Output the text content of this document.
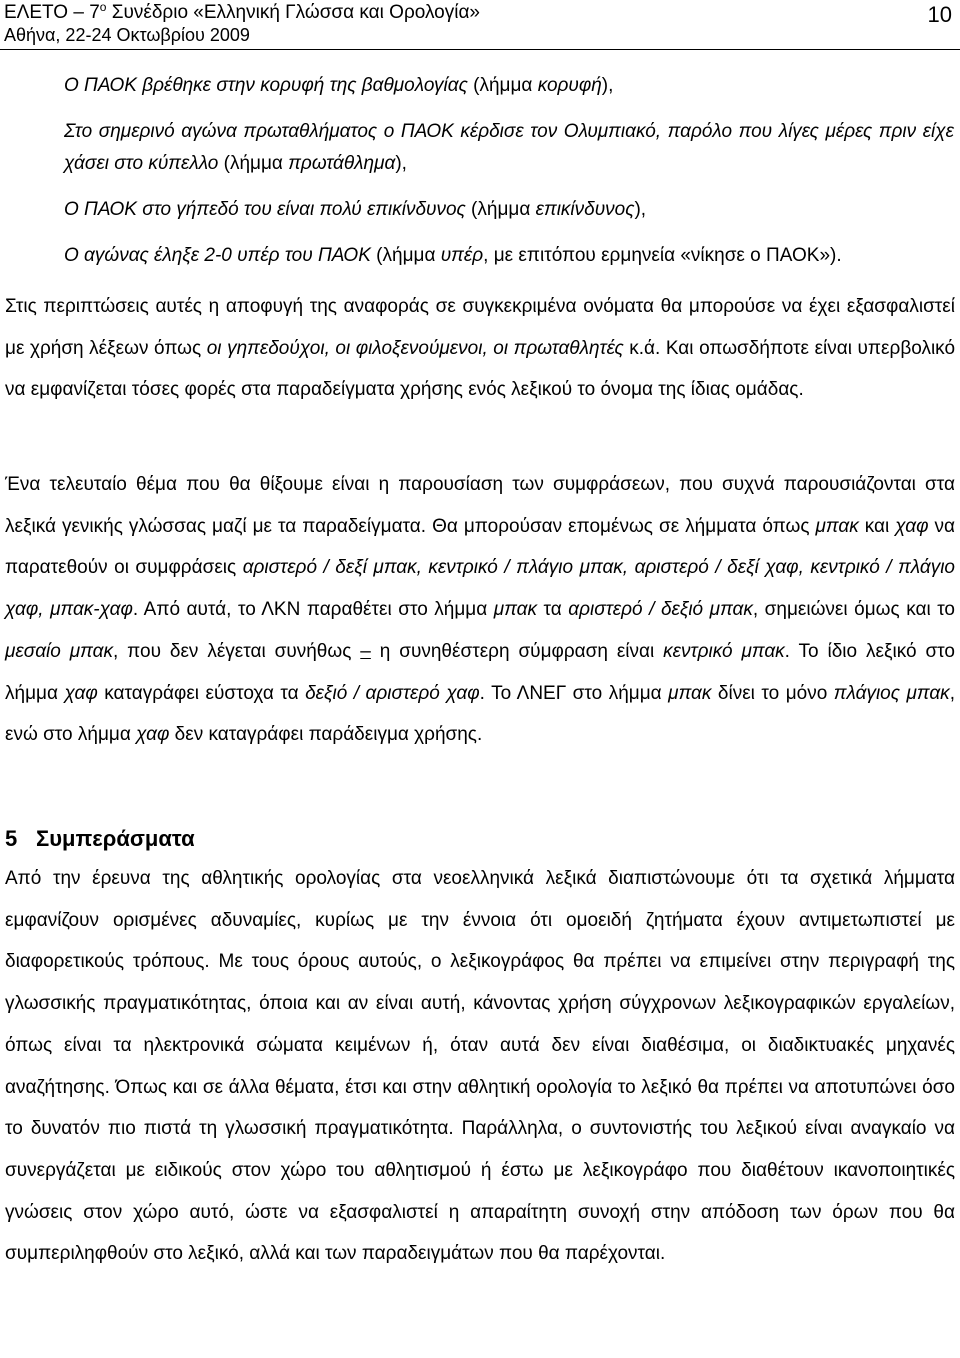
ΕΛΕΤΟ – $7^o$ Συνέδριο «Ελληνική Γλώσσα και Ορολογία»
Αθήνα, 22-24 Οκτωβρίου 2009
10

Ο ΠΑΟΚ βρέθηκε στην κορυφή της βαθμολογίας (λήμμα κορυφή),

Στο σημερινό αγώνα πρωταθλήματος ο ΠΑΟΚ κέρδισε τον Ολυμπιακό, παρόλο που λίγες μέρες πριν είχε χάσει στο κύπελλο (λήμμα πρωτάθλημα),

Ο ΠΑΟΚ στο γήπεδό του είναι πολύ επικίνδυνος (λήμμα επικίνδυνος),

Ο αγώνας έληξε 2-0 υπέρ του ΠΑΟΚ (λήμμα υπέρ, με επιτόπου ερμηνεία «νίκησε ο ΠΑΟΚ»).

Στις περιπτώσεις αυτές η αποφυγή της αναφοράς σε συγκεκριμένα ονόματα θα μπορούσε να έχει εξασφαλιστεί με χρήση λέξεων όπως οι γηπεδούχοι, οι φιλοξενούμενοι, οι πρωταθλητές κ.ά. Και οπωσδήποτε είναι υπερβολικό να εμφανίζεται τόσες φορές στα παραδείγματα χρήσης ενός λεξικού το όνομα της ίδιας ομάδας.

Ένα τελευταίο θέμα που θα θίξουμε είναι η παρουσίαση των συμφράσεων, που συχνά παρουσιάζονται στα λεξικά γενικής γλώσσας μαζί με τα παραδείγματα. Θα μπορούσαν επομένως σε λήμματα όπως μπακ και χαφ να παρατεθούν οι συμφράσεις αριστερό / δεξί μπακ, κεντρικό / πλάγιο μπακ, αριστερό / δεξί χαφ, κεντρικό / πλάγιο χαφ, μπακ-χαφ. Από αυτά, το ΛΚΝ παραθέτει στο λήμμα μπακ τα αριστερό / δεξιό μπακ, σημειώνει όμως και το μεσαίο μπακ, που δεν λέγεται συνήθως – η συνηθέστερη σύμφραση είναι κεντρικό μπακ. Το ίδιο λεξικό στο λήμμα χαφ καταγράφει εύστοχα τα δεξιό / αριστερό χαφ. Το ΛΝΕΓ στο λήμμα μπακ δίνει το μόνο πλάγιος μπακ, ενώ στο λήμμα χαφ δεν καταγράφει παράδειγμα χρήσης.

5 Συμπεράσματα

Από την έρευνα της αθλητικής ορολογίας στα νεοελληνικά λεξικά διαπιστώνουμε ότι τα σχετικά λήμματα εμφανίζουν ορισμένες αδυναμίες, κυρίως με την έννοια ότι ομοειδή ζητήματα έχουν αντιμετωπιστεί με διαφορετικούς τρόπους. Με τους όρους αυτούς, ο λεξικογράφος θα πρέπει να επιμείνει στην περιγραφή της γλωσσικής πραγματικότητας, όποια και αν είναι αυτή, κάνοντας χρήση σύγχρονων λεξικογραφικών εργαλείων, όπως είναι τα ηλεκτρονικά σώματα κειμένων ή, όταν αυτά δεν είναι διαθέσιμα, οι διαδικτυακές μηχανές αναζήτησης. Όπως και σε άλλα θέματα, έτσι και στην αθλητική ορολογία το λεξικό θα πρέπει να αποτυπώνει όσο το δυνατόν πιο πιστά τη γλωσσική πραγματικότητα. Παράλληλα, ο συντονιστής του λεξικού είναι αναγκαίο να συνεργάζεται με ειδικούς στον χώρο του αθλητισμού ή έστω με λεξικογράφο που διαθέτουν ικανοποιητικές γνώσεις στον χώρο αυτό, ώστε να εξασφαλιστεί η απαραίτητη συνοχή στην απόδοση των όρων που θα συμπεριληφθούν στο λεξικό, αλλά και των παραδειγμάτων που θα παρέχονται.
